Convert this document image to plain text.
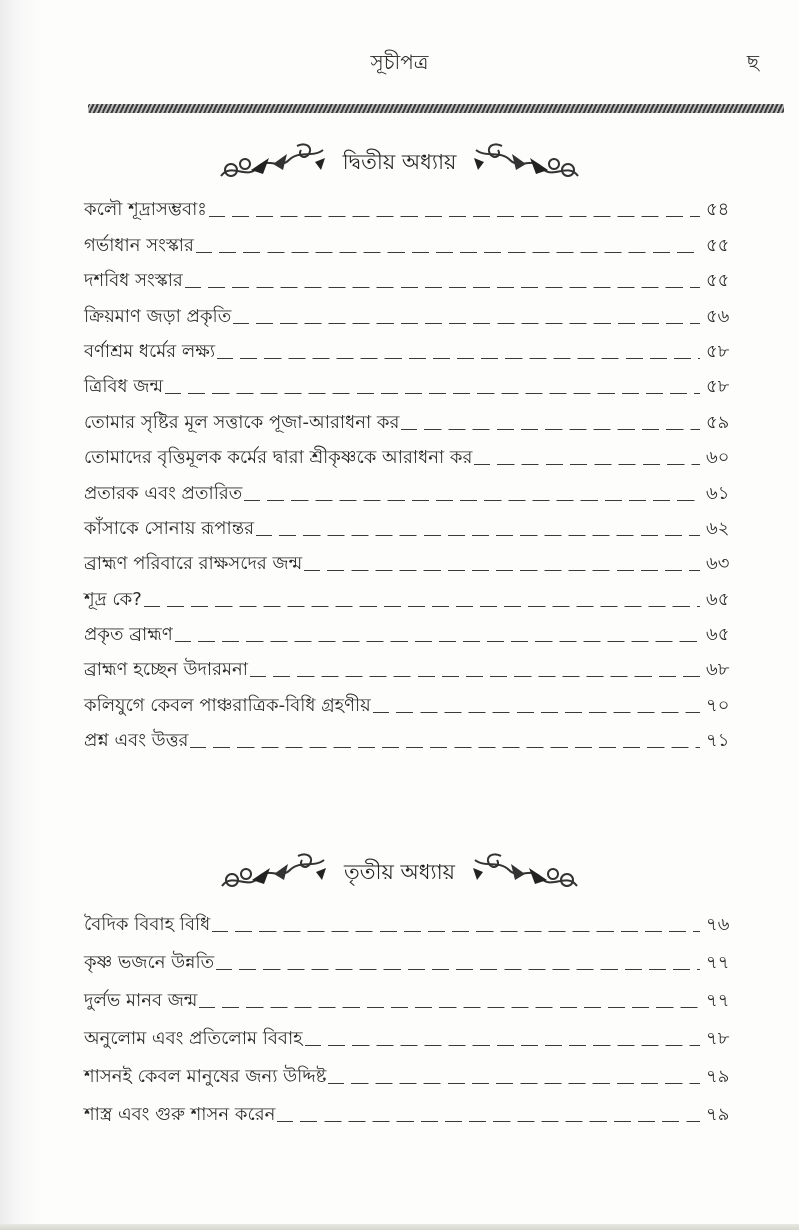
সূচীপত্র	ছ
দ্বিতীয় অধ্যায়
কলৌ শূদ্রাসম্ভবাঃ	৫৪
গর্ভাধান সংস্কার	৫৫
দশবিধ সংস্কার	৫৫
ক্রিয়মাণ জড়া প্রকৃতি	৫৬
বর্ণাশ্রম ধর্মের লক্ষ্য	৫৮
ত্রিবিধ জন্ম	৫৮
তোমার সৃষ্টির মূল সত্তাকে পূজা-আরাধনা কর	৫৯
তোমাদের বৃত্তিমূলক কর্মের দ্বারা শ্রীকৃষ্ণকে আরাধনা কর	৬০
প্রতারক এবং প্রতারিত	৬১
কাঁসাকে সোনায় রূপান্তর	৬২
ব্রাহ্মণ পরিবারে রাক্ষসদের জন্ম	৬৩
শূদ্র কে?	৬৫
প্রকৃত ব্রাহ্মণ	৬৫
ব্রাহ্মণ হচ্ছেন উদারমনা	৬৮
কলিযুগে কেবল পাঞ্চরাত্রিক-বিধি গ্রহণীয়	৭০
প্রশ্ন এবং উত্তর	৭১
তৃতীয় অধ্যায়
বৈদিক বিবাহ বিধি	৭৬
কৃষ্ণ ভজনে উন্নতি	৭৭
দুর্লভ মানব জন্ম	৭৭
অনুলোম এবং প্রতিলোম বিবাহ	৭৮
শাসনই কেবল মানুষের জন্য উদ্দিষ্ট	৭৯
শাস্ত্র এবং গুরু শাসন করেন	৭৯
